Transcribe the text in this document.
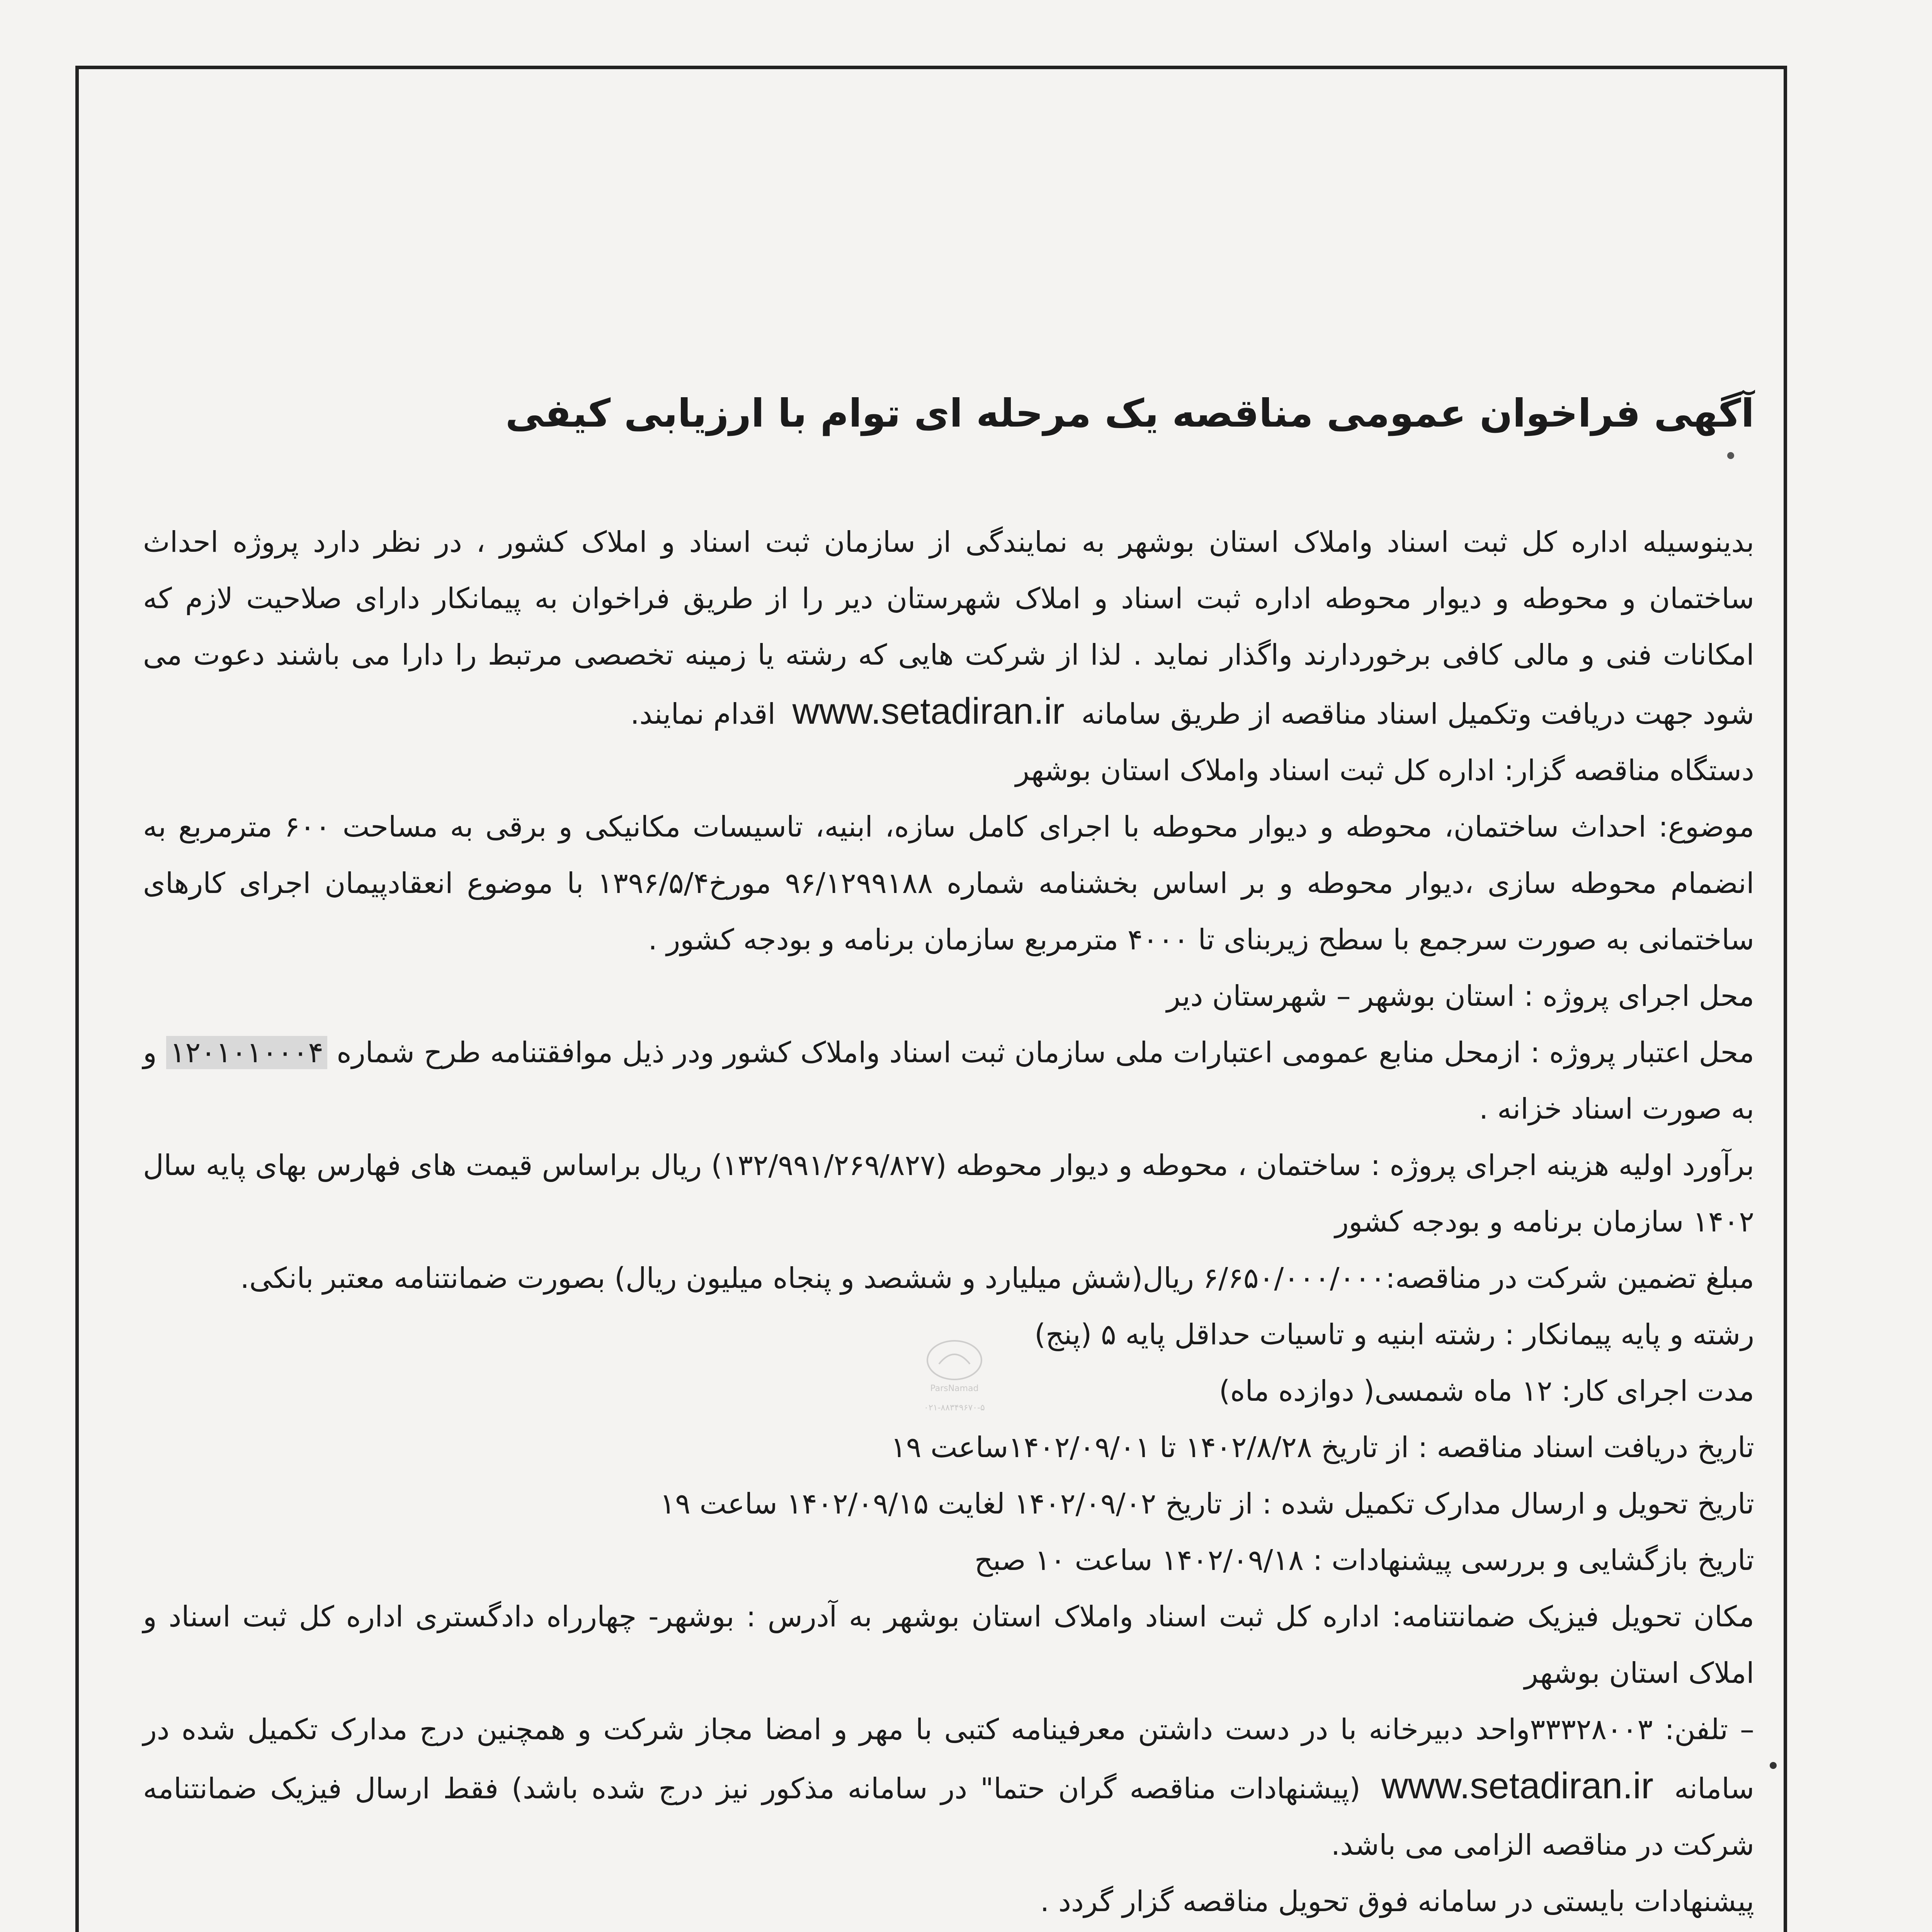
آگهی فراخوان عمومی مناقصه یک مرحله ای توام با ارزیابی کیفی

بدینوسیله اداره کل ثبت اسناد واملاک استان بوشهر به نمایندگی از سازمان ثبت اسناد و املاک کشور ، در نظر دارد پروژه احداث ساختمان و محوطه و دیوار محوطه اداره ثبت اسناد و املاک شهرستان دیر را از طریق فراخوان به پیمانکار دارای صلاحیت لازم که امکانات فنی و مالی کافی برخوردارند واگذار نماید . لذا از شرکت هایی که رشته یا زمینه تخصصی مرتبط را دارا می باشند دعوت می شود جهت دریافت وتکمیل اسناد مناقصه از طریق سامانه www.setadiran.ir اقدام نمایند.

دستگاه مناقصه گزار: اداره کل ثبت اسناد واملاک استان بوشهر

موضوع: احداث ساختمان، محوطه و دیوار محوطه با اجرای کامل سازه، ابنیه، تاسیسات مکانیکی و برقی به مساحت ۶۰۰ مترمربع به انضمام محوطه سازی ،دیوار محوطه و بر اساس بخشنامه شماره ۹۶/۱۲۹۹۱۸۸ مورخ۱۳۹۶/۵/۴ با موضوع انعقادپیمان اجرای کارهای ساختمانی به صورت سرجمع با سطح زیربنای تا ۴۰۰۰ مترمربع سازمان برنامه و بودجه کشور .

محل اجرای پروژه : استان بوشهر – شهرستان دیر

محل اعتبار پروژه : ازمحل منابع عمومی اعتبارات ملی سازمان ثبت اسناد واملاک کشور ودر ذیل موافقتنامه طرح شماره ۱۲۰۱۰۱۰۰۰۴ و به صورت اسناد خزانه .

برآورد اولیه هزینه اجرای پروژه : ساختمان ، محوطه و دیوار محوطه (۱۳۲/۹۹۱/۲۶۹/۸۲۷) ریال براساس قیمت های فهارس بهای پایه سال ۱۴۰۲ سازمان برنامه و بودجه کشور

مبلغ تضمین شرکت در مناقصه:۶/۶۵۰/۰۰۰/۰۰۰ ریال(شش میلیارد و ششصد و پنجاه میلیون ریال) بصورت ضمانتنامه معتبر بانکی.

رشته و پایه پیمانکار : رشته ابنیه و تاسیات حداقل پایه ۵ (پنج)

مدت اجرای کار: ۱۲ ماه شمسی( دوازده ماه)

تاریخ دریافت اسناد مناقصه : از تاریخ ۱۴۰۲/۸/۲۸ تا ۱۴۰۲/۰۹/۰۱ساعت ۱۹

تاریخ تحویل و ارسال مدارک تکمیل شده : از تاریخ ۱۴۰۲/۰۹/۰۲ لغایت ۱۴۰۲/۰۹/۱۵ ساعت ۱۹

تاریخ بازگشایی و بررسی پیشنهادات : ۱۴۰۲/۰۹/۱۸ ساعت ۱۰ صبح

مکان تحویل فیزیک ضمانتنامه: اداره کل ثبت اسناد واملاک استان بوشهر به آدرس : بوشهر- چهارراه دادگستری اداره کل ثبت اسناد و املاک استان بوشهر

– تلفن: ۳۳۳۲۸۰۰۳واحد دبیرخانه با در دست داشتن معرفینامه کتبی با مهر و امضا مجاز شرکت و همچنین درج مدارک تکمیل شده در سامانه www.setadiran.ir (پیشنهادات مناقصه گران حتما" در سامانه مذکور نیز درج شده باشد) فقط ارسال فیزیک ضمانتنامه شرکت در مناقصه الزامی می باشد.

پیشنهادات بایستی در سامانه فوق تحویل مناقصه گزار گردد .

ParsNamad
۰۲۱-۸۸۳۴۹۶۷۰-۵
